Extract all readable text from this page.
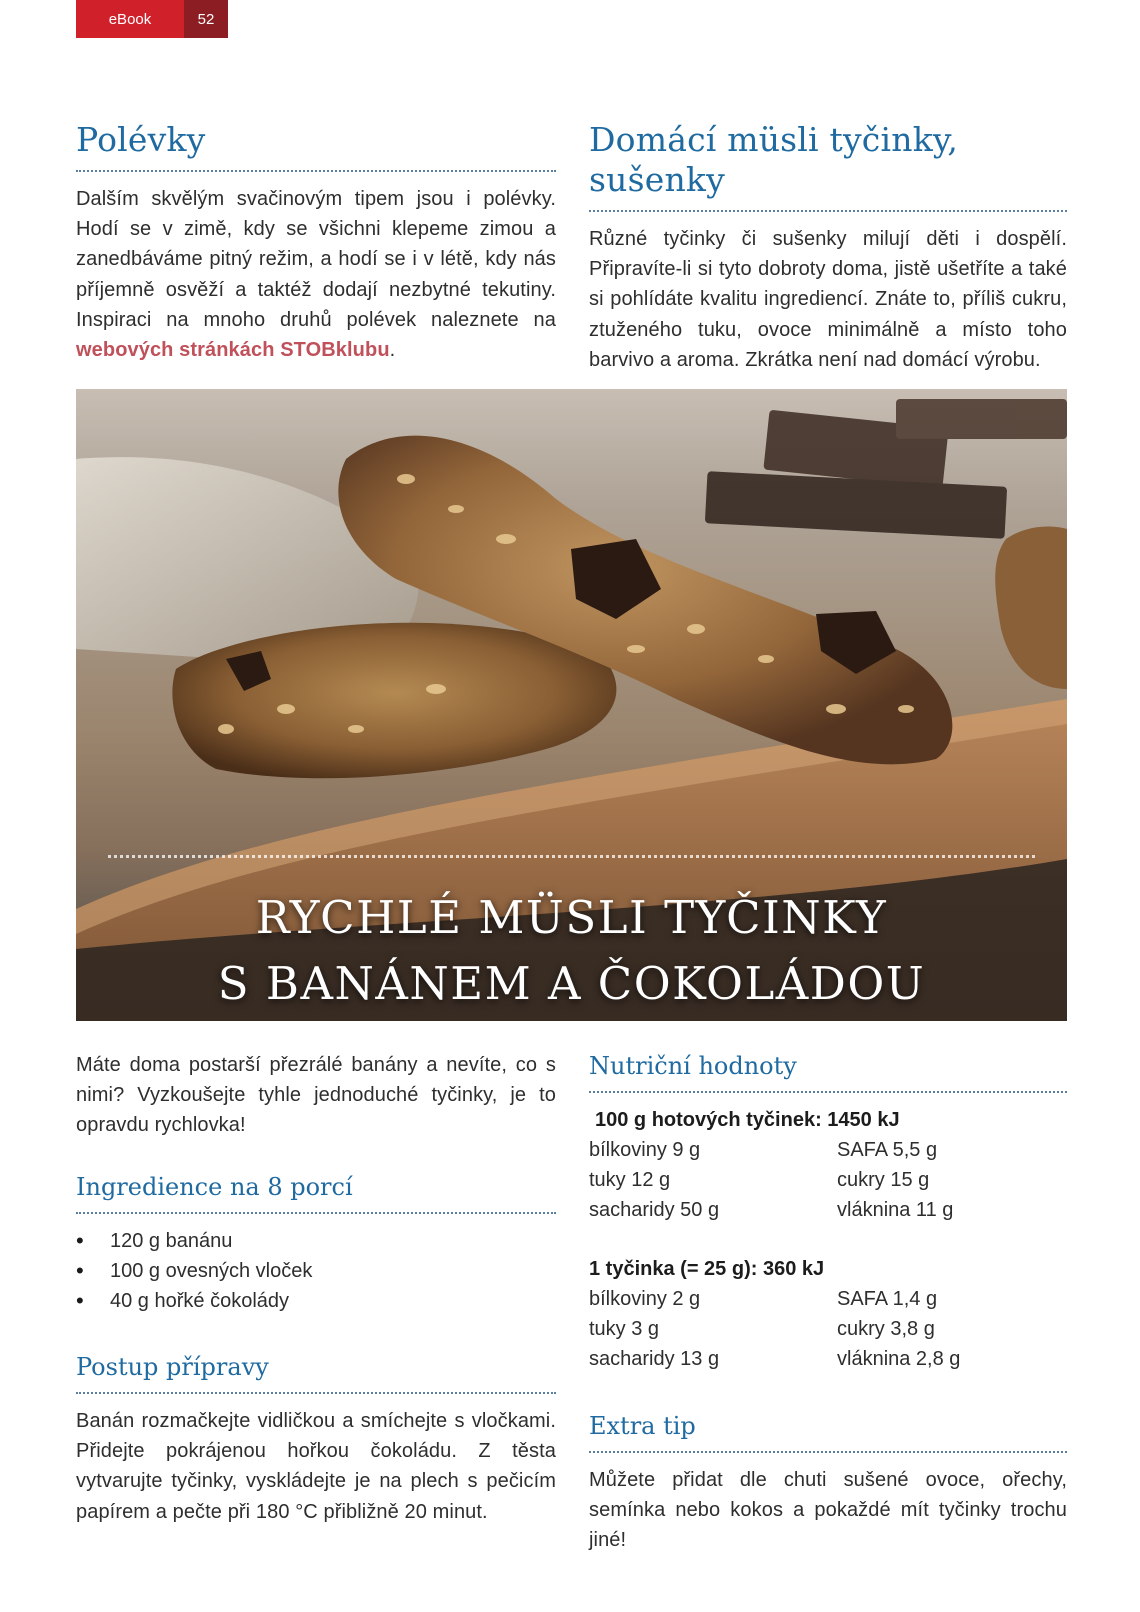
eBook	52
Polévky

Dalším skvělým svačinovým tipem jsou i polévky. Hodí se v zimě, kdy se všichni klepeme zimou a zanedbáváme pitný režim, a hodí se i v létě, kdy nás příjemně osvěží a taktéž dodají nezbytné tekutiny. Inspiraci na mnoho druhů polévek naleznete na webových stránkách STOBklubu.

Domácí müsli tyčinky, sušenky

Různé tyčinky či sušenky milují děti i dospělí. Připravíte-li si tyto dobroty doma, jistě ušetříte a také si pohlídáte kvalitu ingrediencí. Znáte to, příliš cukru, ztuženého tuku, ovoce minimálně a místo toho barvivo a aroma. Zkrátka není nad domácí výrobu.

RYCHLÉ MÜSLI TYČINKY
S BANÁNEM A ČOKOLÁDOU

Máte doma postarší přezrálé banány a nevíte, co s nimi? Vyzkoušejte tyhle jednoduché tyčinky, je to opravdu rychlovka!

Ingredience na 8 porcí
• 120 g banánu
• 100 g ovesných vloček
• 40 g hořké čokolády
Postup přípravy

Banán rozmačkejte vidličkou a smíchejte s vločkami. Přidejte pokrájenou hořkou čokoládu. Z těsta vytvarujte tyčinky, vyskládejte je na plech s pečicím papírem a pečte při 180 °C přibližně 20 minut.

Nutriční hodnoty
100 g hotových tyčinek: 1450 kJ
bílkoviny 9 g	SAFA 5,5 g
tuky 12 g	cukry 15 g
sacharidy 50 g	vláknina 11 g
1 tyčinka (= 25 g): 360 kJ
bílkoviny 2 g	SAFA 1,4 g
tuky 3 g	cukry 3,8 g
sacharidy 13 g	vláknina 2,8 g
Extra tip

Můžete přidat dle chuti sušené ovoce, ořechy, semínka nebo kokos a pokaždé mít tyčinky trochu jiné!
